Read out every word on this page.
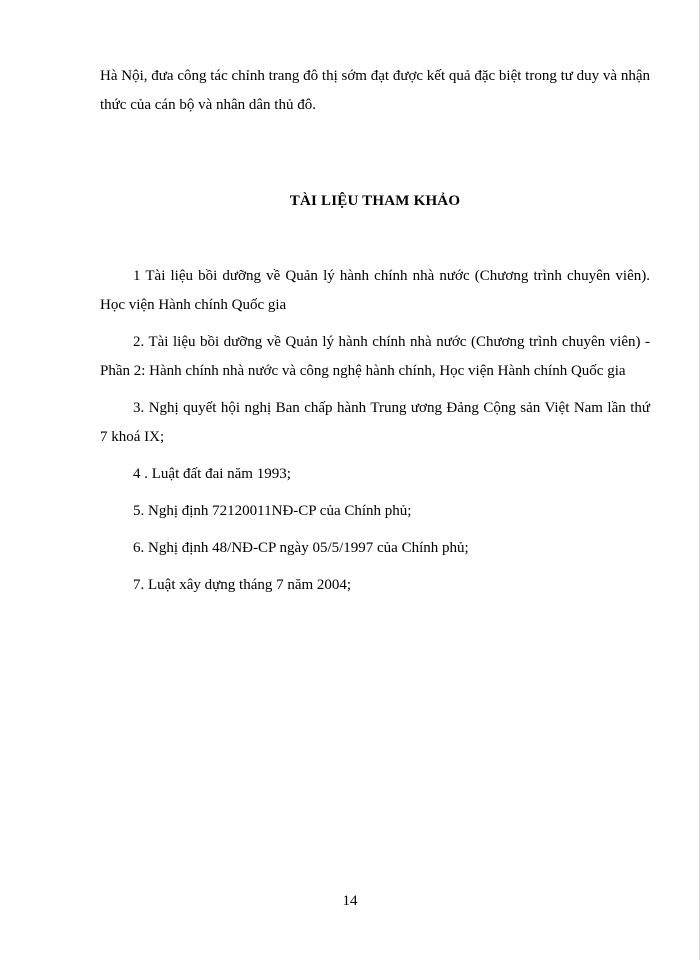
Hà Nội, đưa công tác chỉnh trang đô thị sớm đạt được kết quả đặc biệt trong tư duy và nhận thức của cán bộ và nhân dân thủ đô.

TÀI LIỆU THAM KHẢO
1 Tài liệu bồi dưỡng về Quản lý hành chính nhà nước (Chương trình chuyên viên). Học viện Hành chính Quốc gia
2. Tài liệu bồi dưỡng về Quản lý hành chính nhà nước (Chương trình chuyên viên) - Phần 2: Hành chính nhà nước và công nghệ hành chính, Học viện Hành chính Quốc gia
3. Nghị quyết hội nghị Ban chấp hành Trung ương Đảng Cộng sản Việt Nam lần thứ 7 khoá IX;
4 . Luật đất đai năm 1993;
5. Nghị định 72120011NĐ-CP của Chính phủ;
6. Nghị định 48/NĐ-CP ngày 05/5/1997 của Chính phủ;
7. Luật xây dựng tháng 7 năm 2004;

14
